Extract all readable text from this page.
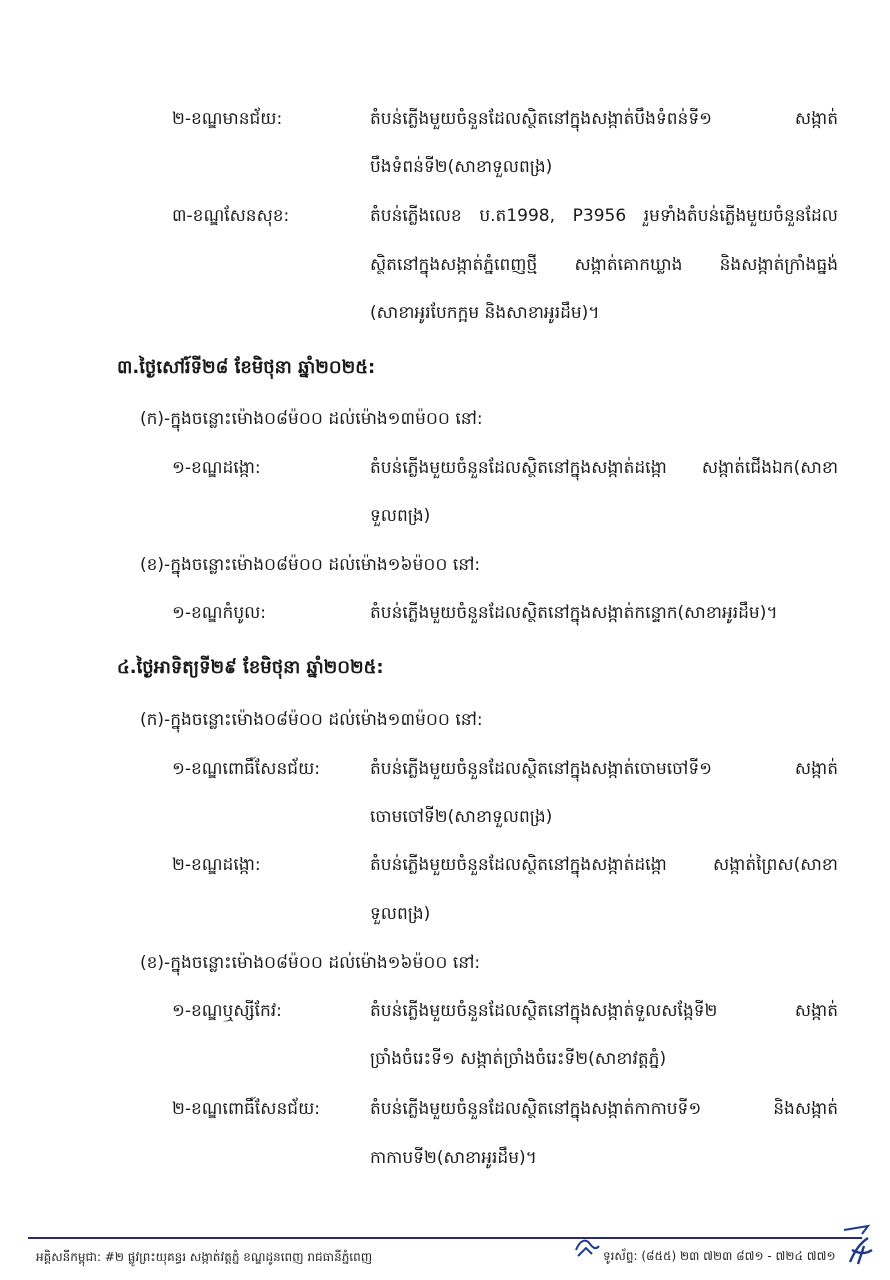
២-ខណ្ឌមានជ័យ:	តំបន់ភ្លើងមួយចំនួនដែលស្ថិតនៅក្នុងសង្កាត់បឹងទំពន់ទី១ សង្កាត់
បឹងទំពន់ទី២(សាខាទួលពង្រ)
៣-ខណ្ឌសែនសុខ:	តំបន់ភ្លើងលេខ ប.ត1998, P3956 រួមទាំងតំបន់ភ្លើងមួយចំនួនដែល
ស្ថិតនៅក្នុងសង្កាត់ភ្នំពេញថ្មី សង្កាត់គោកឃ្លាង និងសង្កាត់ក្រាំងធ្នង់
(សាខាអូរបែកក្អម និងសាខាអូរដឹម)។
៣.ថ្ងៃសៅរ៍ទី២៨ ខែមិថុនា ឆ្នាំ២០២៥:
(ក)-ក្នុងចន្លោះម៉ោង០៨ម៉០០ ដល់ម៉ោង១៣ម៉០០ នៅ:
១-ខណ្ឌដង្កោ:	តំបន់ភ្លើងមួយចំនួនដែលស្ថិតនៅក្នុងសង្កាត់ដង្កោ សង្កាត់ជើងឯក(សាខា
ទួលពង្រ)
(ខ)-ក្នុងចន្លោះម៉ោង០៨ម៉០០ ដល់ម៉ោង១៦ម៉០០ នៅ:
១-ខណ្ឌកំបូល:	តំបន់ភ្លើងមួយចំនួនដែលស្ថិតនៅក្នុងសង្កាត់កន្ទោក(សាខាអូរដឹម)។
៤.ថ្ងៃអាទិត្យទី២៩ ខែមិថុនា ឆ្នាំ២០២៥:
(ក)-ក្នុងចន្លោះម៉ោង០៨ម៉០០ ដល់ម៉ោង១៣ម៉០០ នៅ:
១-ខណ្ឌពោធិ៍សែនជ័យ:	តំបន់ភ្លើងមួយចំនួនដែលស្ថិតនៅក្នុងសង្កាត់ចោមចៅទី១ សង្កាត់
ចោមចៅទី២(សាខាទួលពង្រ)
២-ខណ្ឌដង្កោ:	តំបន់ភ្លើងមួយចំនួនដែលស្ថិតនៅក្នុងសង្កាត់ដង្កោ សង្កាត់ព្រៃស(សាខា
ទួលពង្រ)
(ខ)-ក្នុងចន្លោះម៉ោង០៨ម៉០០ ដល់ម៉ោង១៦ម៉០០ នៅ:
១-ខណ្ឌឬស្សីកែវ:	តំបន់ភ្លើងមួយចំនួនដែលស្ថិតនៅក្នុងសង្កាត់ទួលសង្កែទី២ សង្កាត់
ច្រាំងចំរេះទី១ សង្កាត់ច្រាំងចំរេះទី២(សាខាវត្តភ្នំ)
២-ខណ្ឌពោធិ៍សែនជ័យ:	តំបន់ភ្លើងមួយចំនួនដែលស្ថិតនៅក្នុងសង្កាត់កាកាបទី១ និងសង្កាត់
កាកាបទី២(សាខាអូរដឹម)។
អគ្គិសនីកម្ពុជា: #២ ផ្លូវព្រះយុគន្ធរ សង្កាត់វត្តភ្នំ ខណ្ឌដូនពេញ រាជធានីភ្នំពេញ	ទូរស័ព្ទ: (៨៥៥) ២៣ ៧២៣ ៨៧១ - ៧២៤ ៧៧១
